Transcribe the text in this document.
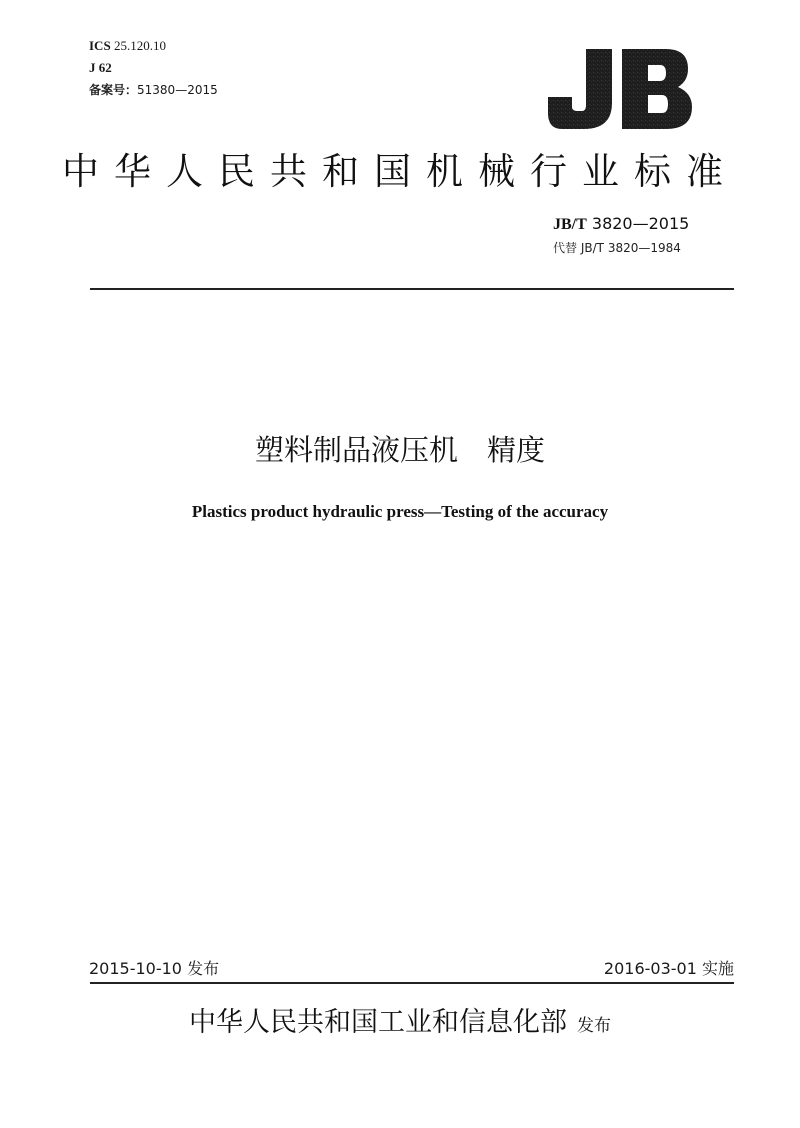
ICS 25.120.10
J 62
备案号：51380—2015
中华人民共和国机械行业标准
JB/T 3820—2015
代替 JB/T 3820—1984
塑料制品液压机　精度
Plastics product hydraulic press—Testing of the accuracy
2015-10-10 发布	2016-03-01 实施
中华人民共和国工业和信息化部 发布
